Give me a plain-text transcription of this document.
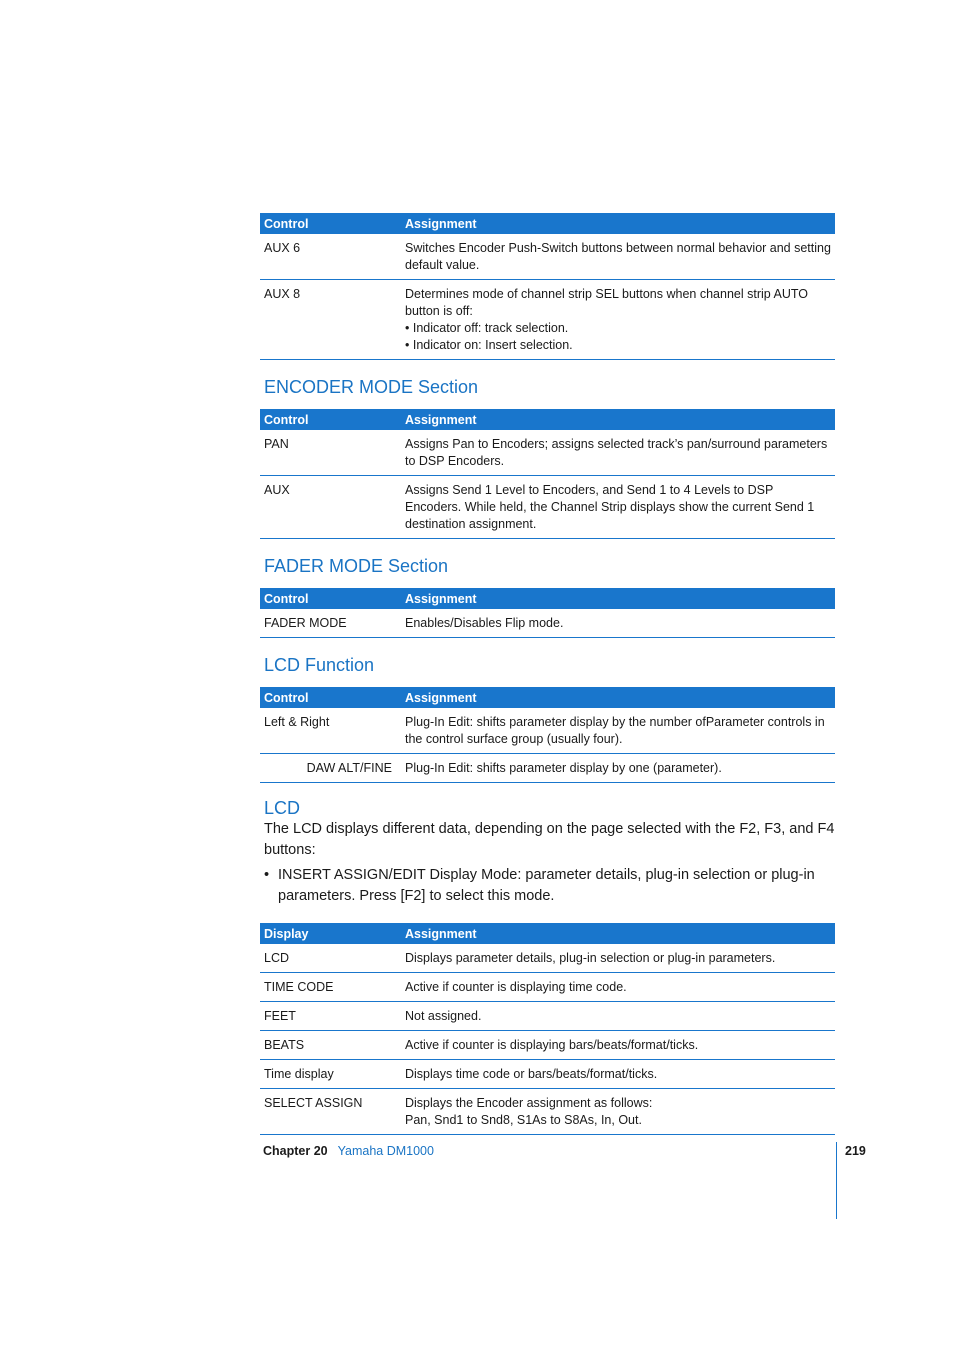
Control	Assignment
AUX 6	Switches Encoder Push-Switch buttons between normal behavior and setting default value.

AUX 8	Determines mode of channel strip SEL buttons when channel strip AUTO button is off:
• Indicator off: track selection.
• Indicator on: Insert selection.
ENCODER MODE Section
Control	Assignment
PAN	Assigns Pan to Encoders; assigns selected track’s pan/surround parameters to DSP Encoders.
AUX	Assigns Send 1 Level to Encoders, and Send 1 to 4 Levels to DSP Encoders. While held, the Channel Strip displays show the current Send 1 destination assignment.
FADER MODE Section
Control	Assignment
FADER MODE	Enables/Disables Flip mode.
LCD Function
Control	Assignment
Left & Right	Plug-In Edit: shifts parameter display by the number ofParameter controls in the control surface group (usually four).
DAW ALT/FINE	Plug-In Edit: shifts parameter display by one (parameter).
LCD

The LCD displays different data, depending on the page selected with the F2, F3, and F4 buttons:

• INSERT ASSIGN/EDIT Display Mode: parameter details, plug-in selection or plug-in parameters. Press [F2] to select this mode.
Display	Assignment
LCD	Displays parameter details, plug-in selection or plug-in parameters.
TIME CODE	Active if counter is displaying time code.
FEET	Not assigned.
BEATS	Active if counter is displaying bars/beats/format/ticks.
Time display	Displays time code or bars/beats/format/ticks.
SELECT ASSIGN	Displays the Encoder assignment as follows:
Pan, Snd1 to Snd8, S1As to S8As, In, Out.
Chapter 20 Yamaha DM1000	219
